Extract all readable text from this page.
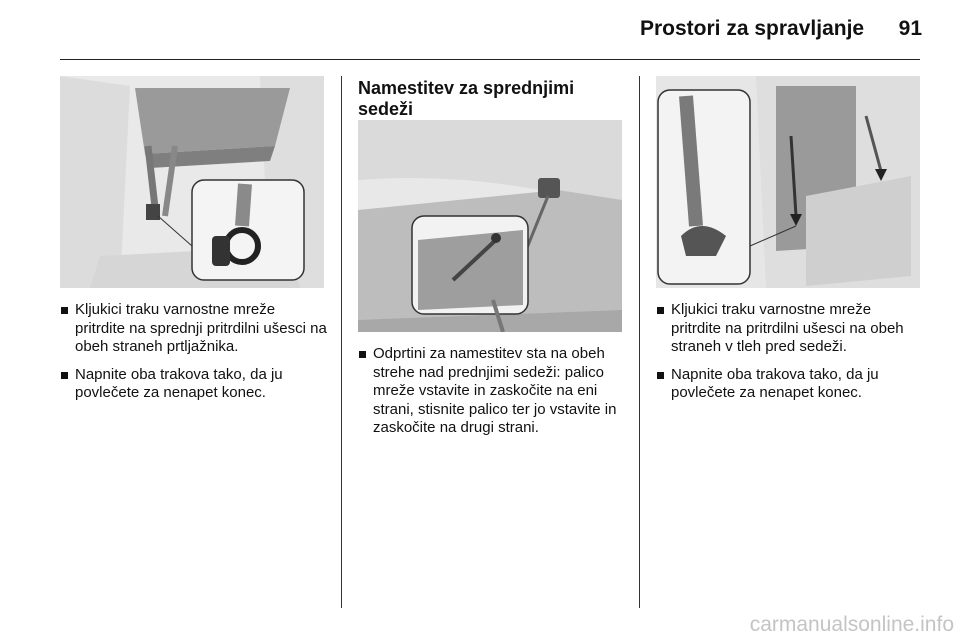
Prostori za spravljanje	91
Kljukici traku varnostne mreže pritrdite na sprednji pritrdilni ušesci na obeh straneh prtljažnika.
Napnite oba trakova tako, da ju povlečete za nenapet konec.
Namestitev za sprednjimi sedeži
Odprtini za namestitev sta na obeh strehe nad prednjimi sedeži: palico mreže vstavite in zaskočite na eni strani, stisnite palico ter jo vstavite in zaskočite na drugi strani.
Kljukici traku varnostne mreže pritrdite na pritrdilni ušesci na obeh straneh v tleh pred sedeži.
Napnite oba trakova tako, da ju povlečete za nenapet konec.
carmanualsonline.info
